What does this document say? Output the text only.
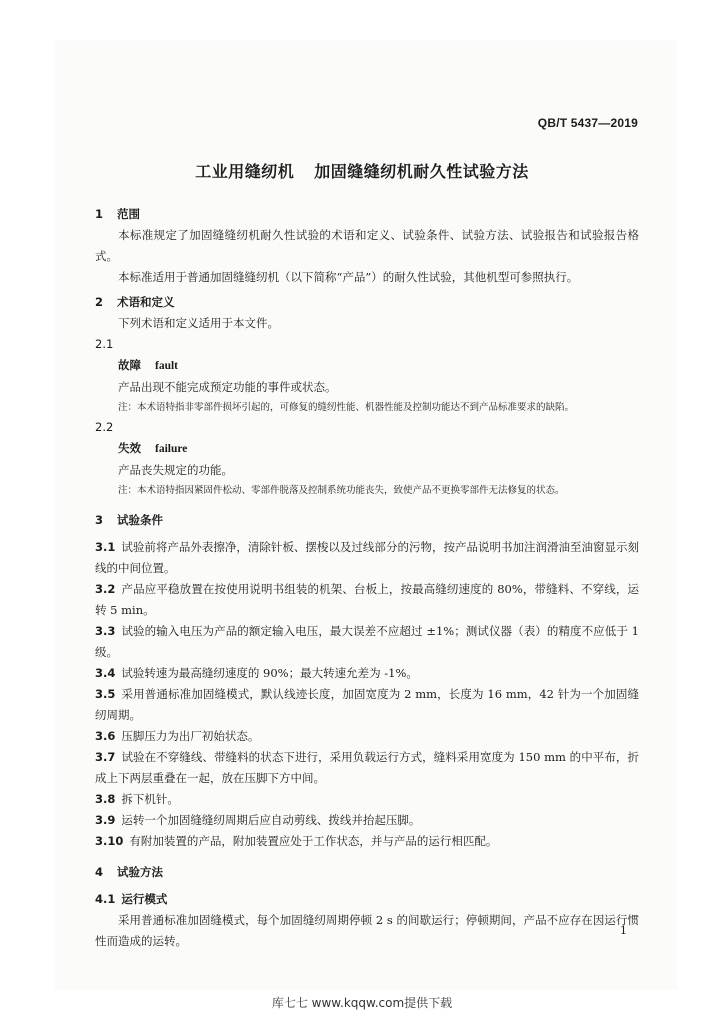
QB/T 5437—2019
工业用缝纫机 加固缝缝纫机耐久性试验方法
1 范围
本标准规定了加固缝缝纫机耐久性试验的术语和定义、试验条件、试验方法、试验报告和试验报告格式。
本标准适用于普通加固缝缝纫机（以下简称“产品”）的耐久性试验，其他机型可参照执行。
2 术语和定义
下列术语和定义适用于本文件。
2.1
故障 fault
产品出现不能完成预定功能的事件或状态。
注：本术语特指非零部件损坏引起的，可修复的缝纫性能、机器性能及控制功能达不到产品标准要求的缺陷。
2.2
失效 failure
产品丧失规定的功能。
注：本术语特指因紧固件松动、零部件脱落及控制系统功能丧失，致使产品不更换零部件无法修复的状态。
3 试验条件
3.1 试验前将产品外表擦净，清除针板、摆梭以及过线部分的污物，按产品说明书加注润滑油至油窗显示刻线的中间位置。
3.2 产品应平稳放置在按使用说明书组装的机架、台板上，按最高缝纫速度的 80%，带缝料、不穿线，运转 5 min。
3.3 试验的输入电压为产品的额定输入电压，最大误差不应超过 ±1%；测试仪器（表）的精度不应低于 1 级。
3.4 试验转速为最高缝纫速度的 90%；最大转速允差为 -1%。
3.5 采用普通标准加固缝模式，默认线迹长度，加固宽度为 2 mm，长度为 16 mm，42 针为一个加固缝纫周期。
3.6 压脚压力为出厂初始状态。
3.7 试验在不穿缝线、带缝料的状态下进行，采用负载运行方式，缝料采用宽度为 150 mm 的中平布，折成上下两层重叠在一起，放在压脚下方中间。
3.8 拆下机针。
3.9 运转一个加固缝缝纫周期后应自动剪线、拨线并抬起压脚。
3.10 有附加装置的产品，附加装置应处于工作状态，并与产品的运行相匹配。
4 试验方法
4.1 运行模式
采用普通标准加固缝模式，每个加固缝纫周期停顿 2 s 的间歇运行；停顿期间，产品不应存在因运行惯性而造成的运转。
1
库七七 www.kqqw.com提供下载
